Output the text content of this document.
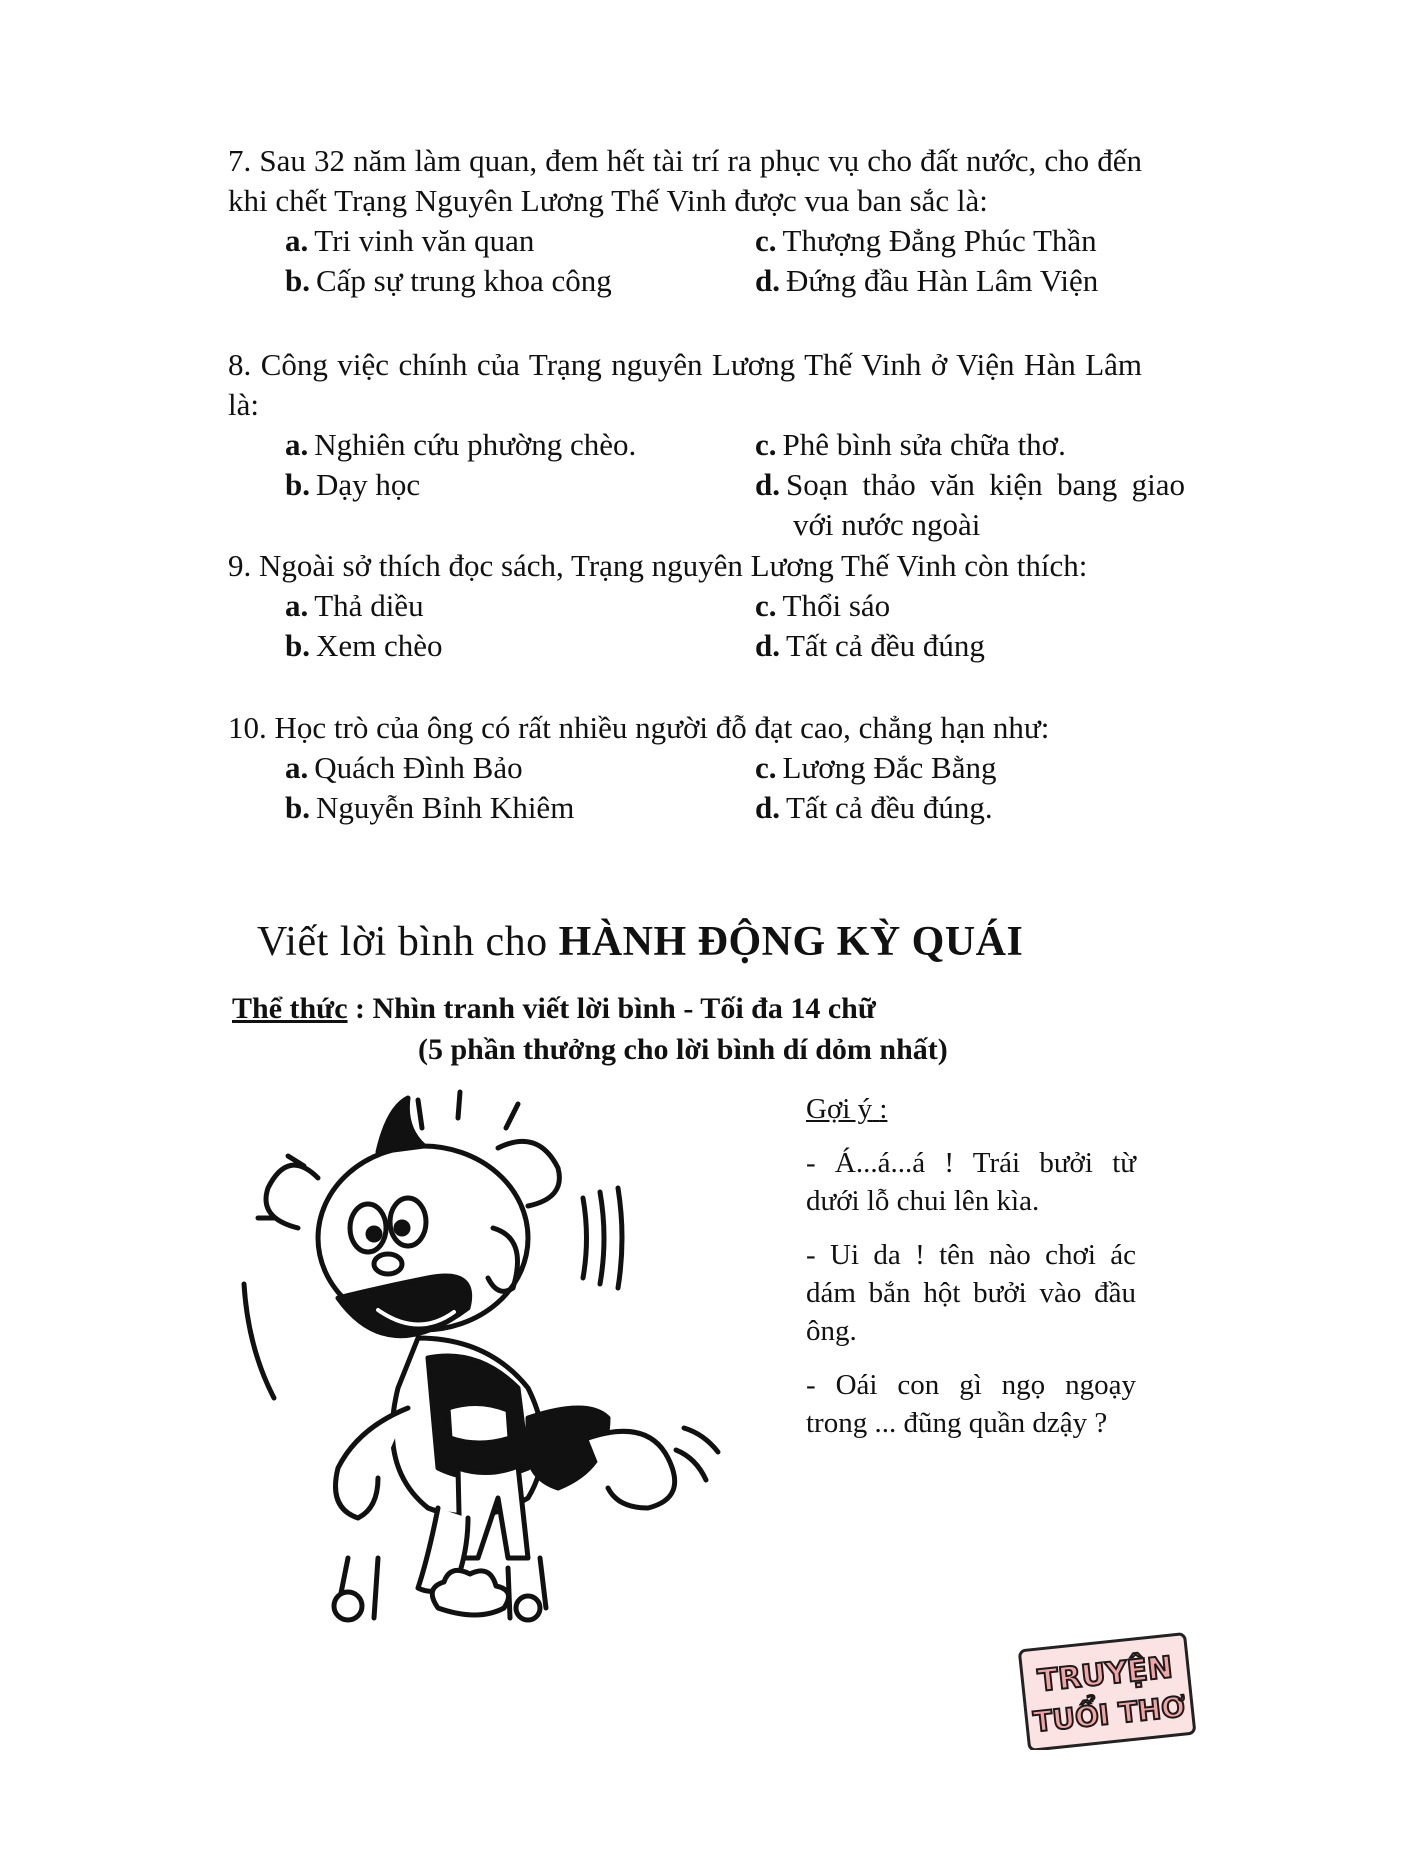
7. Sau 32 năm làm quan, đem hết tài trí ra phục vụ cho đất nước, cho đến khi chết Trạng Nguyên Lương Thế Vinh được vua ban sắc là:

a. Tri vinh văn quan	c. Thượng Đẳng Phúc Thần
b. Cấp sự trung khoa công	d. Đứng đầu Hàn Lâm Viện

8. Công việc chính của Trạng nguyên Lương Thế Vinh ở Viện Hàn Lâm là:

a. Nghiên cứu phường chèo.	c. Phê bình sửa chữa thơ.
b. Dạy học	d. Soạn thảo văn kiện bang giao với nước ngoài

9. Ngoài sở thích đọc sách, Trạng nguyên Lương Thế Vinh còn thích:

a. Thả diều	c. Thổi sáo
b. Xem chèo	d. Tất cả đều đúng

10. Học trò của ông có rất nhiều người đỗ đạt cao, chẳng hạn như:

a. Quách Đình Bảo	c. Lương Đắc Bằng
b. Nguyễn Bỉnh Khiêm	d. Tất cả đều đúng.
Viết lời bình cho HÀNH ĐỘNG KỲ QUÁI
Thể thức : Nhìn tranh viết lời bình - Tối đa 14 chữ
(5 phần thưởng cho lời bình dí dỏm nhất)
Gợi ý :

- Á...á...á ! Trái bưởi từ dưới lỗ chui lên kìa.

- Ui da ! tên nào chơi ác dám bắn hột bưởi vào đầu ông.

- Oái con gì ngọ ngoạy trong ... đũng quần dzậy ?

TRUYỆN
TUỔI THƠ
